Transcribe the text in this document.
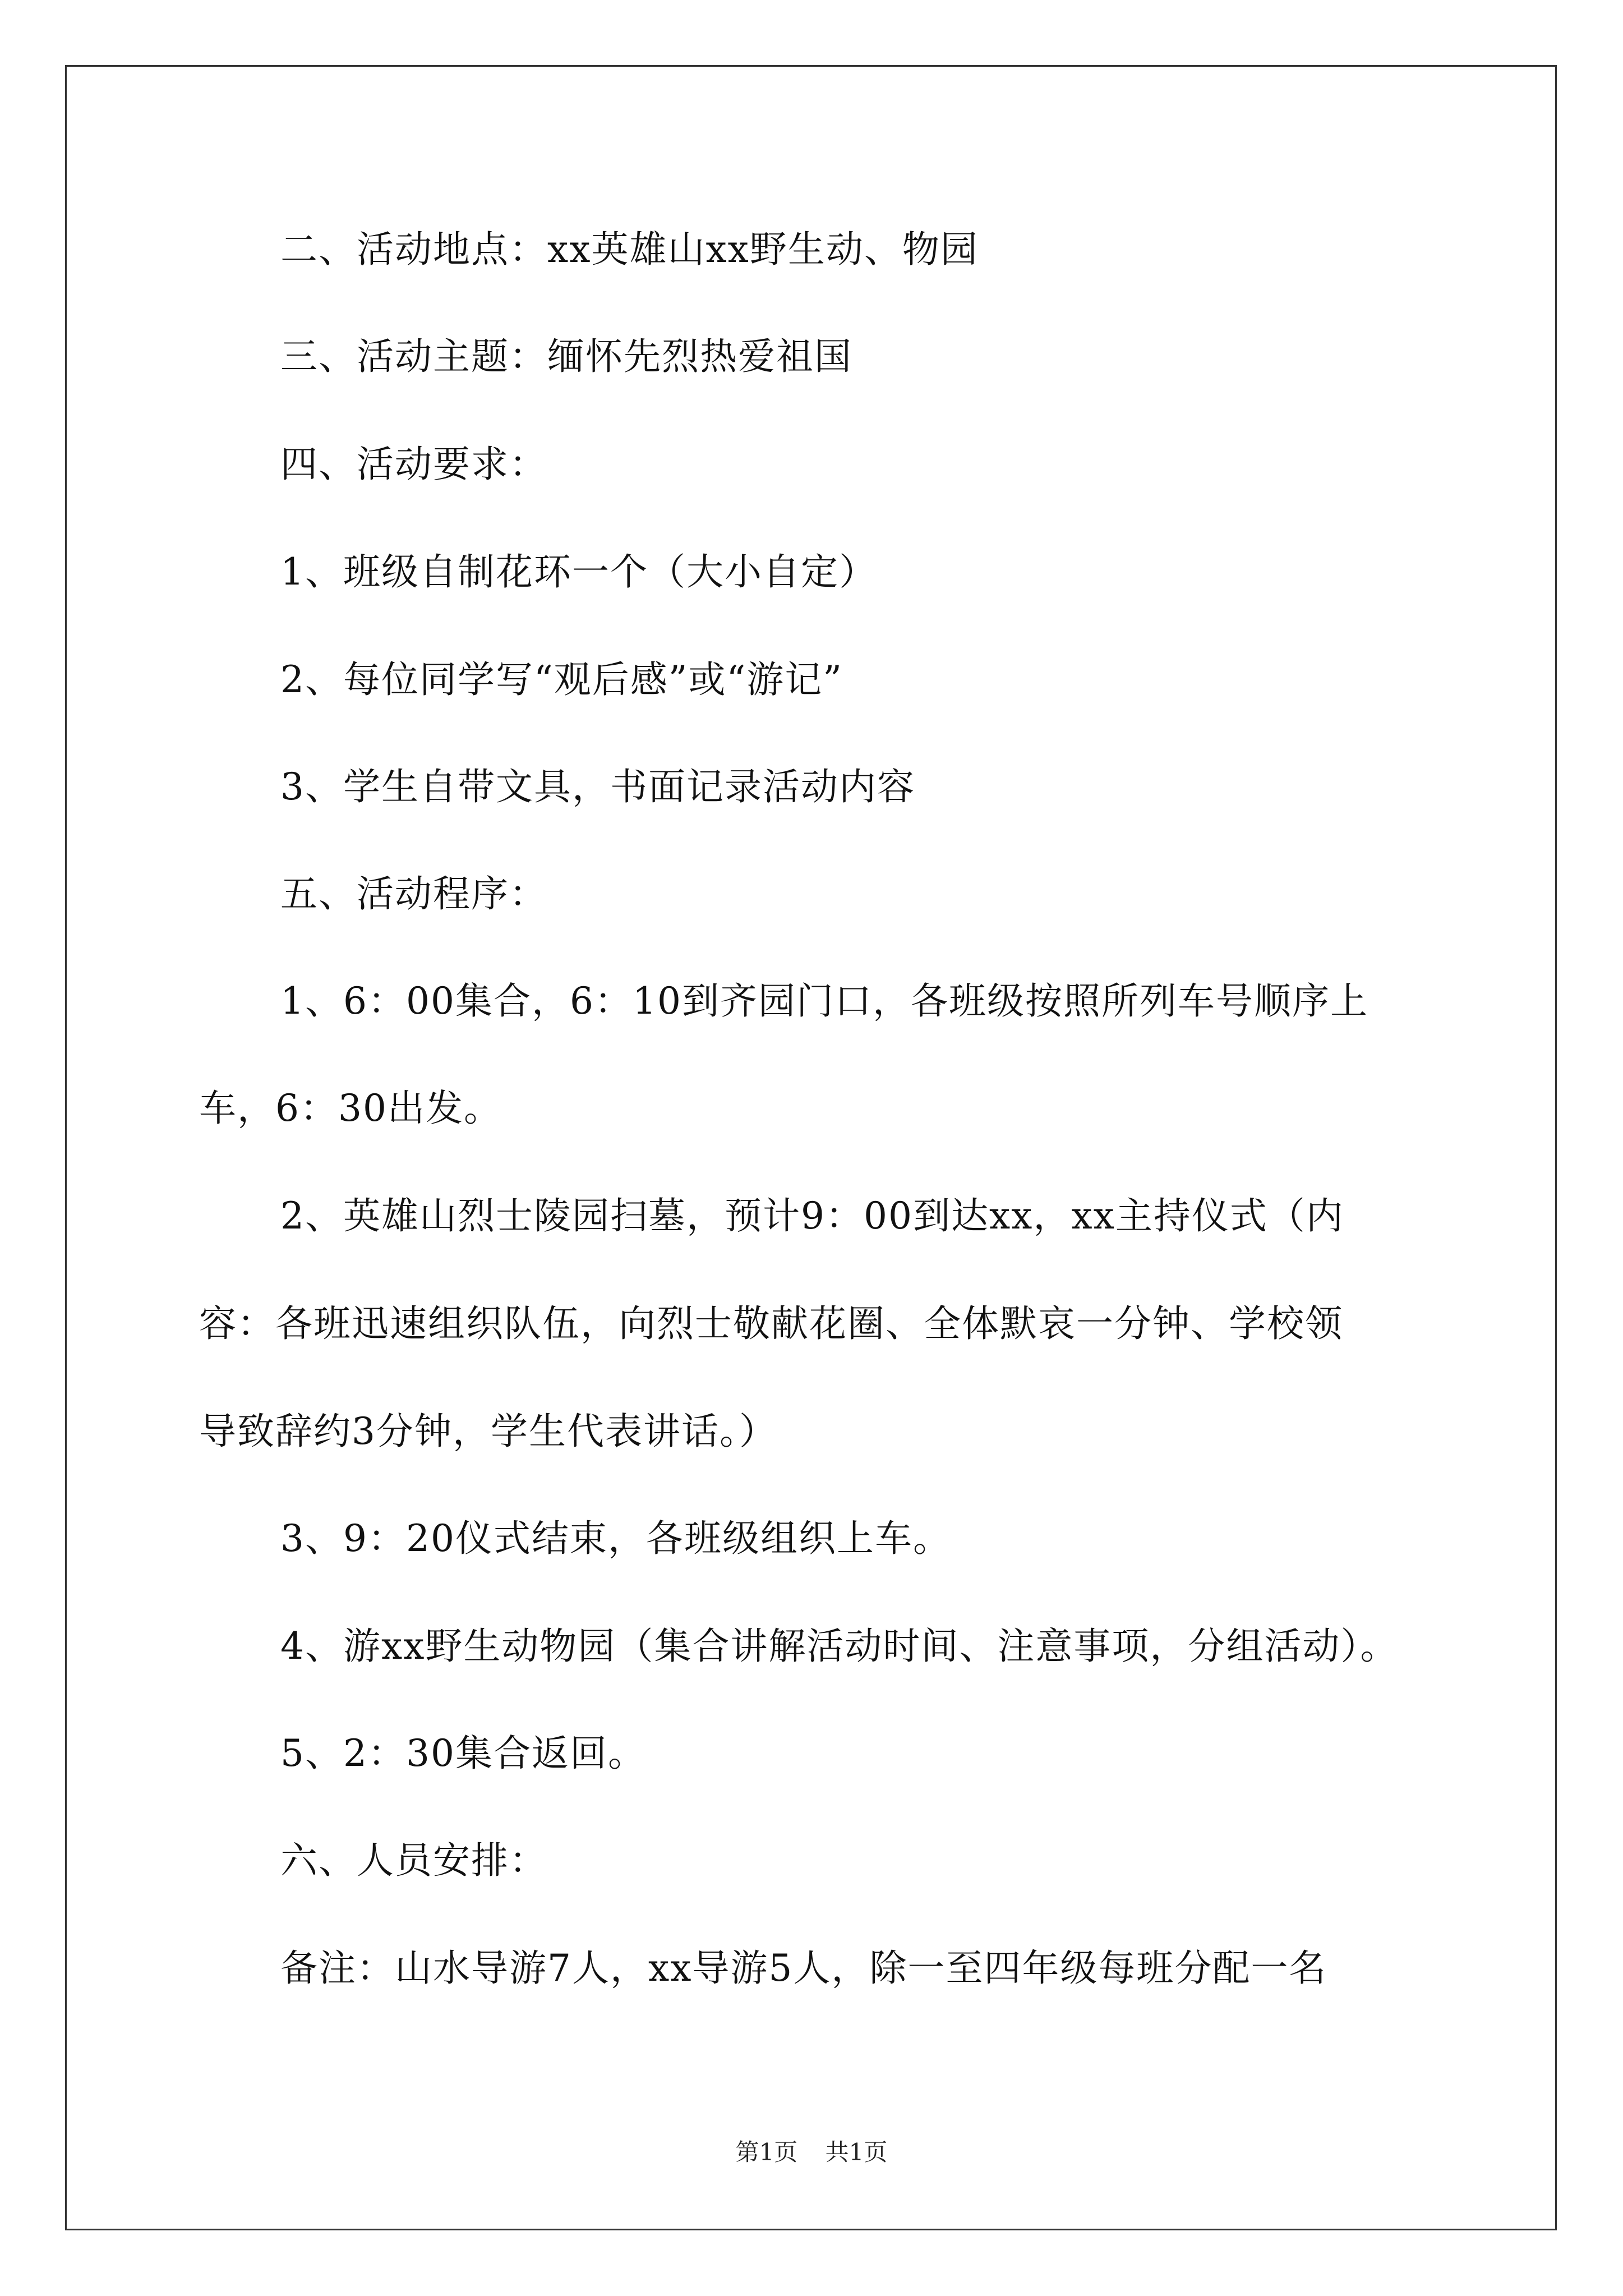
二、活动地点：xx英雄山xx野生动、物园
三、活动主题：缅怀先烈热爱祖国
四、活动要求：
1、班级自制花环一个（大小自定）
2、每位同学写“观后感”或“游记”
3、学生自带文具，书面记录活动内容
五、活动程序：
1、6：00集合，6：10到齐园门口，各班级按照所列车号顺序上
车，6：30出发。
2、英雄山烈士陵园扫墓，预计9：00到达xx，xx主持仪式（内
容：各班迅速组织队伍，向烈士敬献花圈、全体默哀一分钟、学校领
导致辞约3分钟，学生代表讲话。）
3、9：20仪式结束，各班级组织上车。
4、游xx野生动物园（集合讲解活动时间、注意事项，分组活动）。
5、2：30集合返回。
六、人员安排：
备注：山水导游7人，xx导游5人，除一至四年级每班分配一名
第1页 共1页
